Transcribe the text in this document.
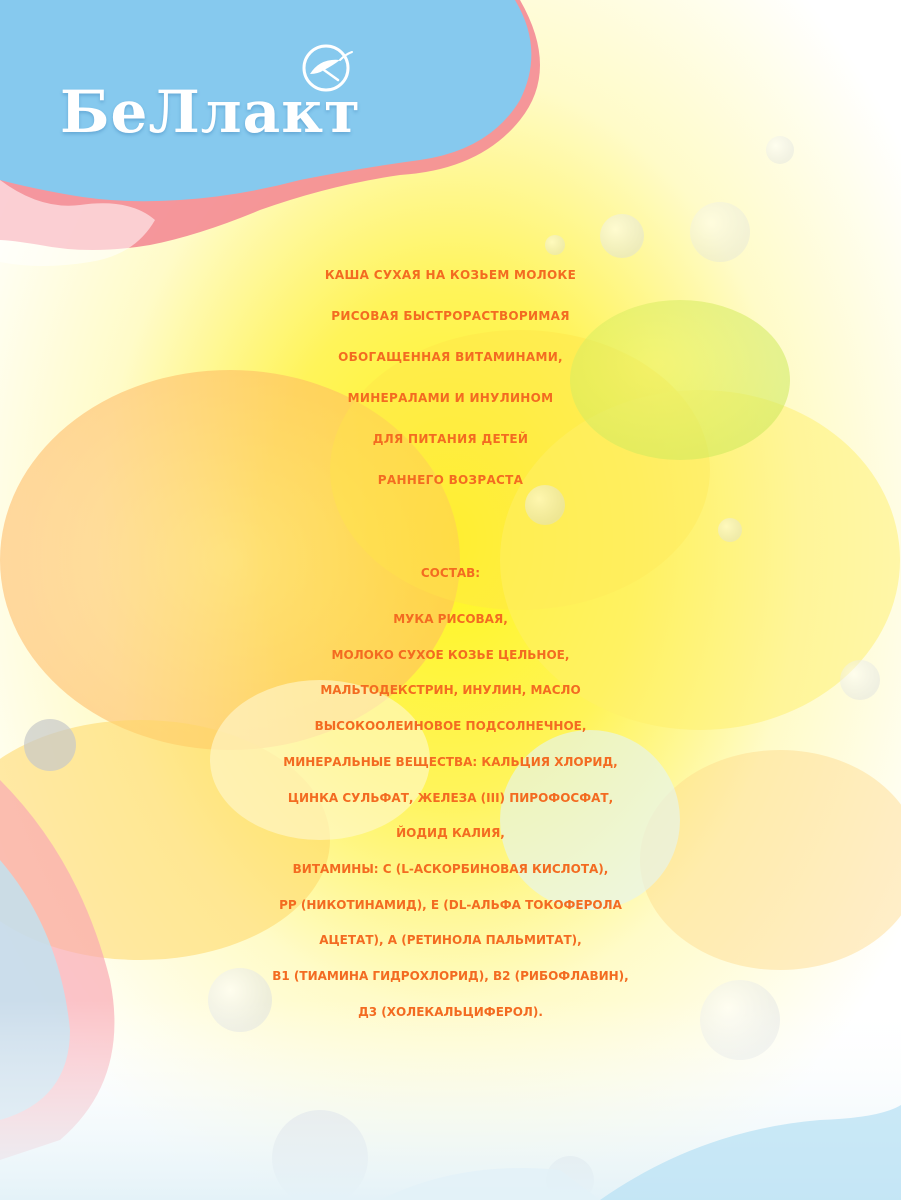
БеЛлакт
КАША СУХАЯ НА КОЗЬЕМ МОЛОКЕ
РИСОВАЯ БЫСТРОРАСТВОРИМАЯ
ОБОГАЩЕННАЯ ВИТАМИНАМИ,
МИНЕРАЛАМИ И ИНУЛИНОМ
ДЛЯ ПИТАНИЯ ДЕТЕЙ
РАННЕГО ВОЗРАСТА
СОСТАВ:
МУКА РИСОВАЯ,
МОЛОКО СУХОЕ КОЗЬЕ ЦЕЛЬНОЕ,
МАЛЬТОДЕКСТРИН, ИНУЛИН, МАСЛО
ВЫСОКООЛЕИНОВОЕ ПОДСОЛНЕЧНОЕ,
МИНЕРАЛЬНЫЕ ВЕЩЕСТВА: КАЛЬЦИЯ ХЛОРИД,
ЦИНКА СУЛЬФАТ, ЖЕЛЕЗА (III) ПИРОФОСФАТ,
ЙОДИД КАЛИЯ,
ВИТАМИНЫ: С (L-АСКОРБИНОВАЯ КИСЛОТА),
РР (НИКОТИНАМИД), Е (DL-АЛЬФА ТОКОФЕРОЛА
АЦЕТАТ), А (РЕТИНОЛА ПАЛЬМИТАТ),
В1 (ТИАМИНА ГИДРОХЛОРИД), В2 (РИБОФЛАВИН),
Д3 (ХОЛЕКАЛЬЦИФЕРОЛ).
